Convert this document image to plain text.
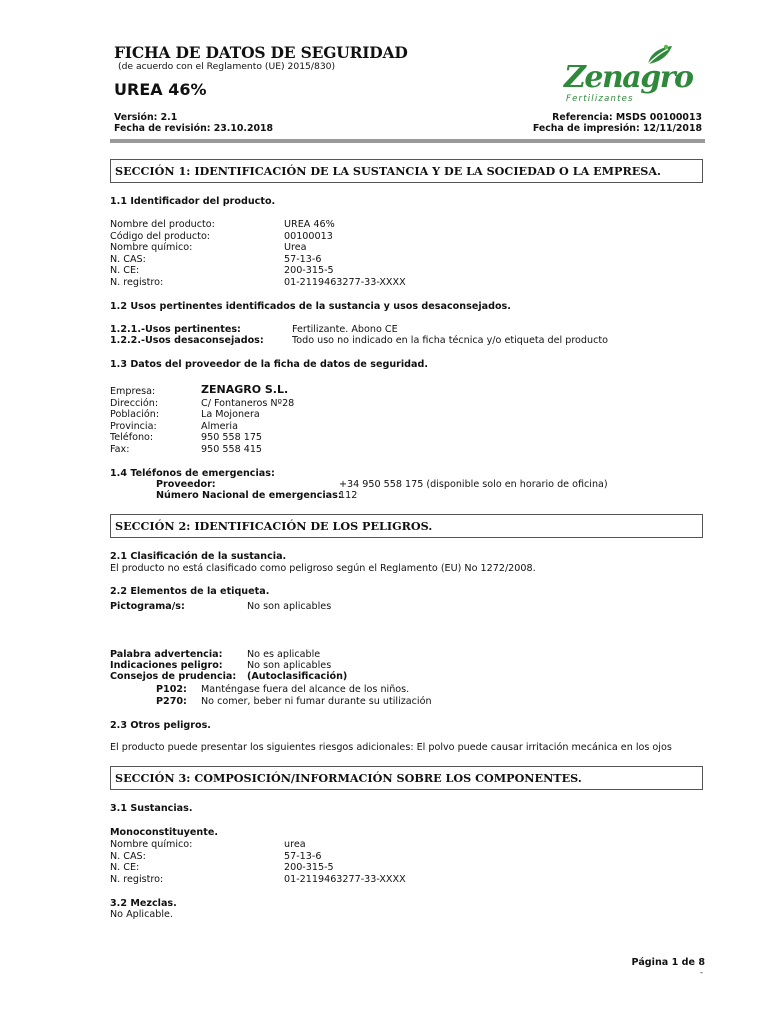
FICHA DE DATOS DE SEGURIDAD
(de acuerdo con el Reglamento (UE) 2015/830)
UREA 46%
Versión: 2.1
Fecha de revisión: 23.10.2018
Referencia: MSDS 00100013
Fecha de impresión: 12/11/2018
Zenagro
Fertilizantes
SECCIÓN 1: IDENTIFICACIÓN DE LA SUSTANCIA Y DE LA SOCIEDAD O LA EMPRESA.
1.1 Identificador del producto.
Nombre del producto:	UREA 46%
Código del producto:	00100013
Nombre químico:	Urea
N. CAS:	57-13-6
N. CE:	200-315-5
N. registro:	01-2119463277-33-XXXX
1.2 Usos pertinentes identificados de la sustancia y usos desaconsejados.
1.2.1.-Usos pertinentes:	Fertilizante. Abono CE
1.2.2.-Usos desaconsejados:	Todo uso no indicado en la ficha técnica y/o etiqueta del producto
1.3 Datos del proveedor de la ficha de datos de seguridad.
Empresa:	ZENAGRO S.L.
Dirección:	C/ Fontaneros Nº28
Población:	La Mojonera
Provincia:	Almeria
Teléfono:	950 558 175
Fax:	950 558 415
1.4 Teléfonos de emergencias:
Proveedor:	+34 950 558 175 (disponible solo en horario de oficina)
Número Nacional de emergencias:
112
SECCIÓN 2: IDENTIFICACIÓN DE LOS PELIGROS.
2.1 Clasificación de la sustancia.
El producto no está clasificado como peligroso según el Reglamento (EU) No 1272/2008.
2.2 Elementos de la etiqueta.
Pictograma/s:	No son aplicables
Palabra advertencia:	No es aplicable
Indicaciones peligro:	No son aplicables
Consejos de prudencia: (Autoclasificación)
P102: Manténgase fuera del alcance de los niños.
P270: No comer, beber ni fumar durante su utilización
2.3 Otros peligros.
El producto puede presentar los siguientes riesgos adicionales: El polvo puede causar irritación mecánica en los ojos
SECCIÓN 3: COMPOSICIÓN/INFORMACIÓN SOBRE LOS COMPONENTES.
3.1 Sustancias.
Monoconstituyente.
Nombre químico:	urea
N. CAS:	57-13-6
N. CE:	200-315-5
N. registro:	01-2119463277-33-XXXX
3.2 Mezclas.
No Aplicable.
Página 1 de 8
-
